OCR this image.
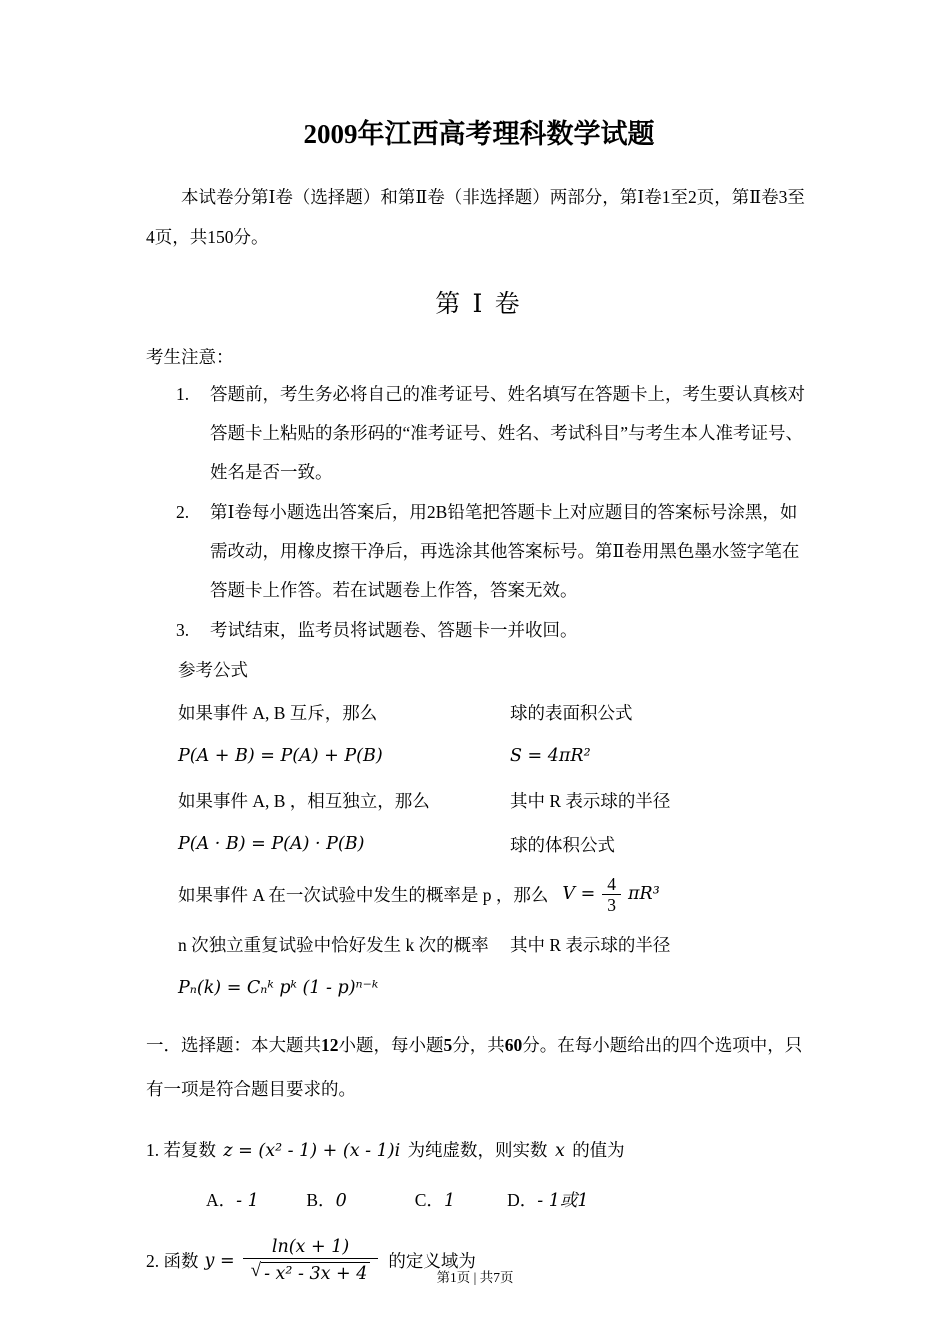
2009年江西高考理科数学试题

本试卷分第Ⅰ卷（选择题）和第Ⅱ卷（非选择题）两部分，第Ⅰ卷1至2页，第Ⅱ卷3至4页，共150分。

第 Ⅰ 卷
考生注意：
1.	答题前，考生务必将自己的准考证号、姓名填写在答题卡上，考生要认真核对答题卡上粘贴的条形码的“准考证号、姓名、考试科目”与考生本人准考证号、姓名是否一致。
2.	第Ⅰ卷每小题选出答案后，用2B铅笔把答题卡上对应题目的答案标号涂黑，如需改动，用橡皮擦干净后，再选涂其他答案标号。第Ⅱ卷用黑色墨水签字笔在答题卡上作答。若在试题卷上作答，答案无效。
3.	考试结束，监考员将试题卷、答题卡一并收回。
参考公式
如果事件 A, B 互斥，那么	球的表面积公式
P(A + B) = P(A) + P(B)	S = 4πR²
如果事件 A, B ，相互独立，那么	其中 R 表示球的半径
P(A · B) = P(A) · P(B)	球的体积公式
如果事件 A 在一次试验中发生的概率是 p ，那么 $V = \frac{4}{3} \pi R^3$
n 次独立重复试验中恰好发生 k 次的概率	其中 R 表示球的半径
Pₙ(k) = Cₙᵏ pᵏ (1 - p)ⁿ⁻ᵏ

一．选择题：本大题共12小题，每小题5分，共60分。在每小题给出的四个选项中，只有一项是符合题目要求的。

1. 若复数 z = (x² - 1) + (x - 1)i 为纯虚数，则实数 x 的值为
A．- 1	B．0	C．1	D．- 1或1
2. 函数 $y = \frac{\ln(x + 1)}{\text{√ - x² - 3x + 4}}$ 的定义域为
第1页 | 共7页
